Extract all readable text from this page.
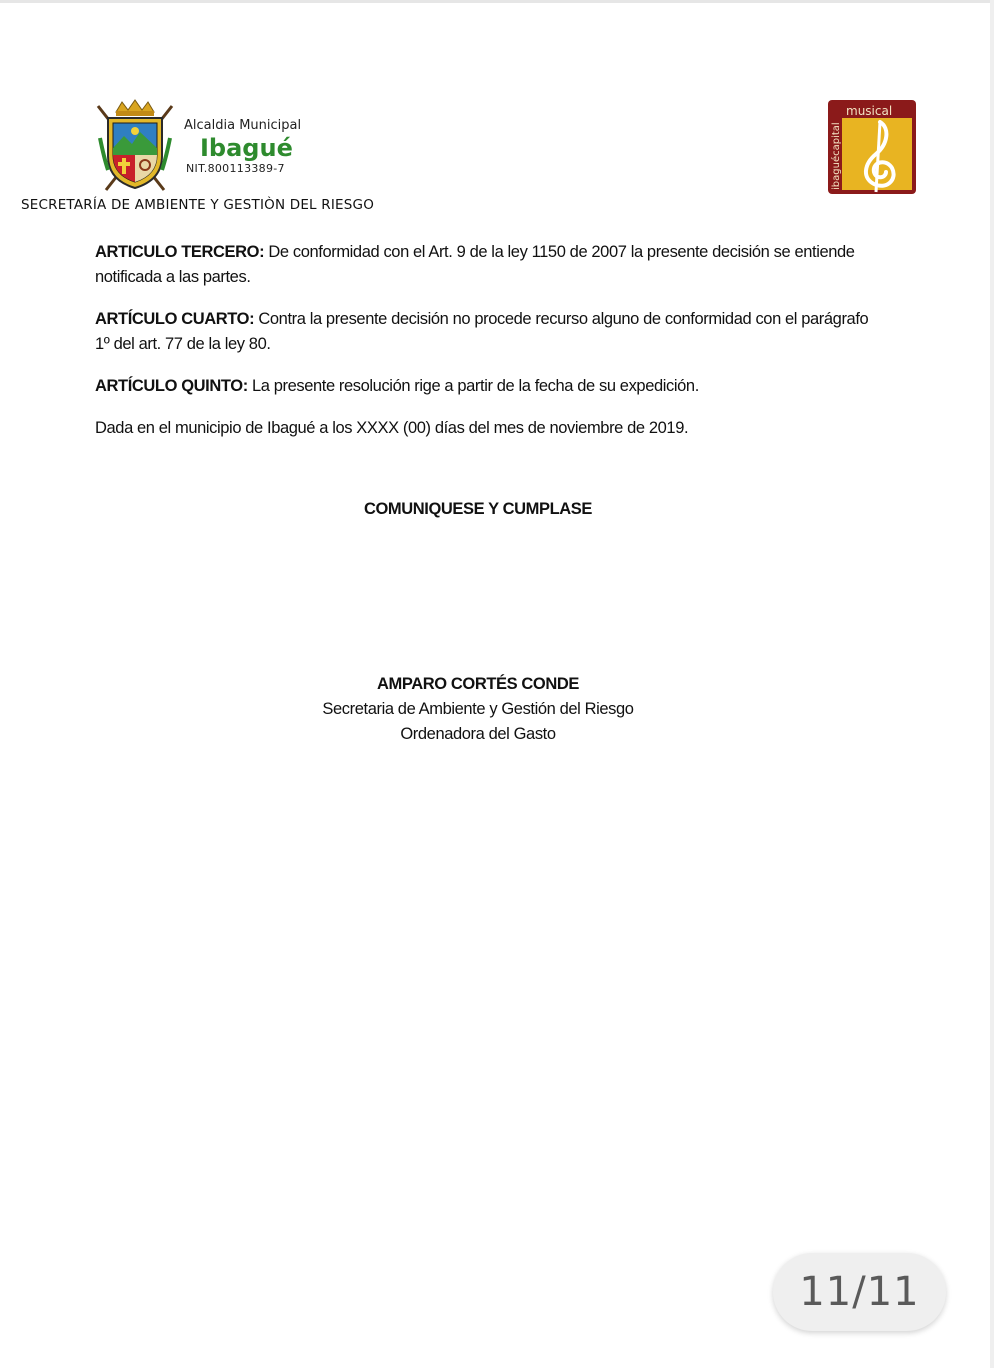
Alcaldia Municipal
Ibagué
NIT.800113389-7
SECRETARÍA DE AMBIENTE Y GESTIÒN DEL RIESGO
musical
ibaguécapital

ARTICULO TERCERO: De conformidad con el Art. 9 de la ley 1150 de 2007 la presente decisión se entiende notificada a las partes.

ARTÍCULO CUARTO: Contra la presente decisión no procede recurso alguno de conformidad con el parágrafo 1º del art. 77 de la ley 80.

ARTÍCULO QUINTO: La presente resolución rige a partir de la fecha de su expedición.

Dada en el municipio de Ibagué a los XXXX (00) días del mes de noviembre de 2019.

COMUNIQUESE Y CUMPLASE
AMPARO CORTÉS CONDE
Secretaria de Ambiente y Gestión del Riesgo
Ordenadora del Gasto
11/11
